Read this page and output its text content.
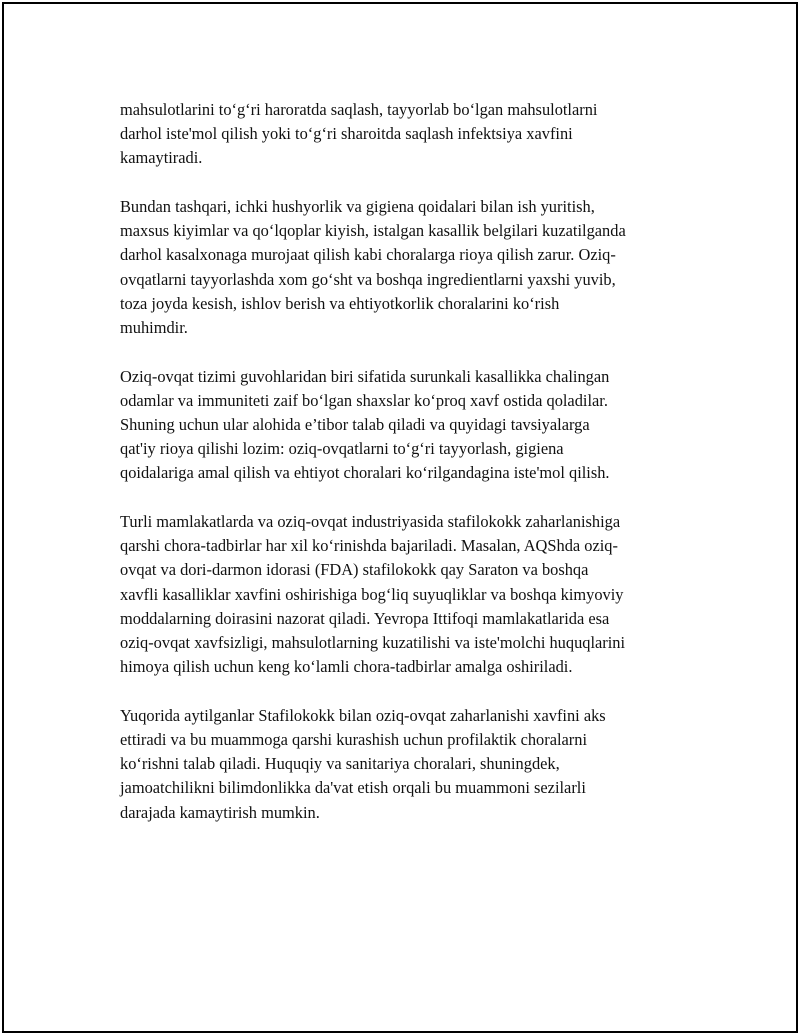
mahsulotlarini to‘g‘ri haroratda saqlash, tayyorlab bo‘lgan mahsulotlarni
darhol iste'mol qilish yoki to‘g‘ri sharoitda saqlash infektsiya xavfini
kamaytiradi.

Bundan tashqari, ichki hushyorlik va gigiena qoidalari bilan ish yuritish,
maxsus kiyimlar va qo‘lqoplar kiyish, istalgan kasallik belgilari kuzatilganda
darhol kasalxonaga murojaat qilish kabi choralarga rioya qilish zarur. Oziq-
ovqatlarni tayyorlashda xom go‘sht va boshqa ingredientlarni yaxshi yuvib,
toza joyda kesish, ishlov berish va ehtiyotkorlik choralarini ko‘rish
muhimdir.

Oziq-ovqat tizimi guvohlaridan biri sifatida surunkali kasallikka chalingan
odamlar va immuniteti zaif bo‘lgan shaxslar ko‘proq xavf ostida qoladilar.
Shuning uchun ular alohida e’tibor talab qiladi va quyidagi tavsiyalarga
qat'iy rioya qilishi lozim: oziq-ovqatlarni to‘g‘ri tayyorlash, gigiena
qoidalariga amal qilish va ehtiyot choralari ko‘rilgandagina iste'mol qilish.

Turli mamlakatlarda va oziq-ovqat industriyasida stafilokokk zaharlanishiga
qarshi chora-tadbirlar har xil ko‘rinishda bajariladi. Masalan, AQShda oziq-
ovqat va dori-darmon idorasi (FDA) stafilokokk qay Saraton va boshqa
xavfli kasalliklar xavfini oshirishiga bog‘liq suyuqliklar va boshqa kimyoviy
moddalarning doirasini nazorat qiladi. Yevropa Ittifoqi mamlakatlarida esa
oziq-ovqat xavfsizligi, mahsulotlarning kuzatilishi va iste'molchi huquqlarini
himoya qilish uchun keng ko‘lamli chora-tadbirlar amalga oshiriladi.

Yuqorida aytilganlar Stafilokokk bilan oziq-ovqat zaharlanishi xavfini aks
ettiradi va bu muammoga qarshi kurashish uchun profilaktik choralarni
ko‘rishni talab qiladi. Huquqiy va sanitariya choralari, shuningdek,
jamoatchilikni bilimdonlikka da'vat etish orqali bu muammoni sezilarli
darajada kamaytirish mumkin.
